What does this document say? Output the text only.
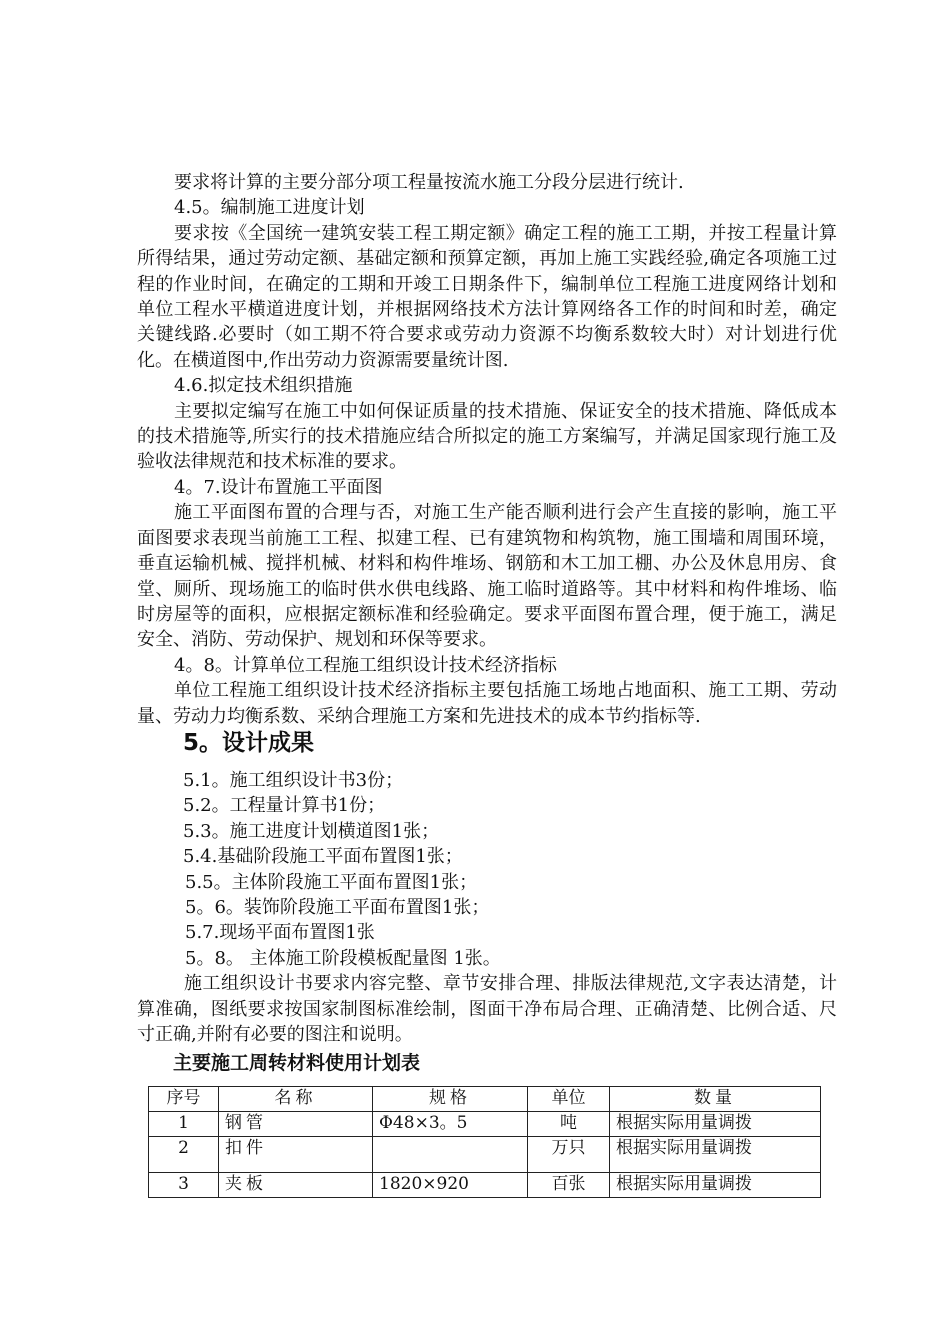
要求将计算的主要分部分项工程量按流水施工分段分层进行统计.

4.5。编制施工进度计划

要求按《全国统一建筑安装工程工期定额》确定工程的施工工期，并按工程量计算所得结果，通过劳动定额、基础定额和预算定额，再加上施工实践经验,确定各项施工过程的作业时间，在确定的工期和开竣工日期条件下，编制单位工程施工进度网络计划和单位工程水平横道进度计划，并根据网络技术方法计算网络各工作的时间和时差，确定关键线路.必要时（如工期不符合要求或劳动力资源不均衡系数较大时）对计划进行优化。在横道图中,作出劳动力资源需要量统计图.

4.6.拟定技术组织措施

主要拟定编写在施工中如何保证质量的技术措施、保证安全的技术措施、降低成本的技术措施等,所实行的技术措施应结合所拟定的施工方案编写，并满足国家现行施工及验收法律规范和技术标准的要求。

4。7.设计布置施工平面图

施工平面图布置的合理与否，对施工生产能否顺利进行会产生直接的影响，施工平面图要求表现当前施工工程、拟建工程、已有建筑物和构筑物，施工围墙和周围环境，垂直运输机械、搅拌机械、材料和构件堆场、钢筋和木工加工棚、办公及休息用房、食堂、厕所、现场施工的临时供水供电线路、施工临时道路等。其中材料和构件堆场、临时房屋等的面积，应根据定额标准和经验确定。要求平面图布置合理，便于施工，满足安全、消防、劳动保护、规划和环保等要求。

4。8。计算单位工程施工组织设计技术经济指标

单位工程施工组织设计技术经济指标主要包括施工场地占地面积、施工工期、劳动量、劳动力均衡系数、采纳合理施工方案和先进技术的成本节约指标等.

5。设计成果

5.1。施工组织设计书3份；

5.2。工程量计算书1份；

5.3。施工进度计划横道图1张；

5.4.基础阶段施工平面布置图1张；

5.5。主体阶段施工平面布置图1张；

5。6。装饰阶段施工平面布置图1张；

5.7.现场平面布置图1张

5。8。 主体施工阶段模板配量图 1张。

施工组织设计书要求内容完整、章节安排合理、排版法律规范,文字表达清楚，计算准确，图纸要求按国家制图标准绘制，图面干净布局合理、正确清楚、比例合适、尺寸正确,并附有必要的图注和说明。

主要施工周转材料使用计划表
序号	名称	规格	单位	数量
1	钢管	Φ48×3。5	吨	根据实际用量调拨
2	扣件		万只	根据实际用量调拨
3	夹板	1820×920	百张	根据实际用量调拨
